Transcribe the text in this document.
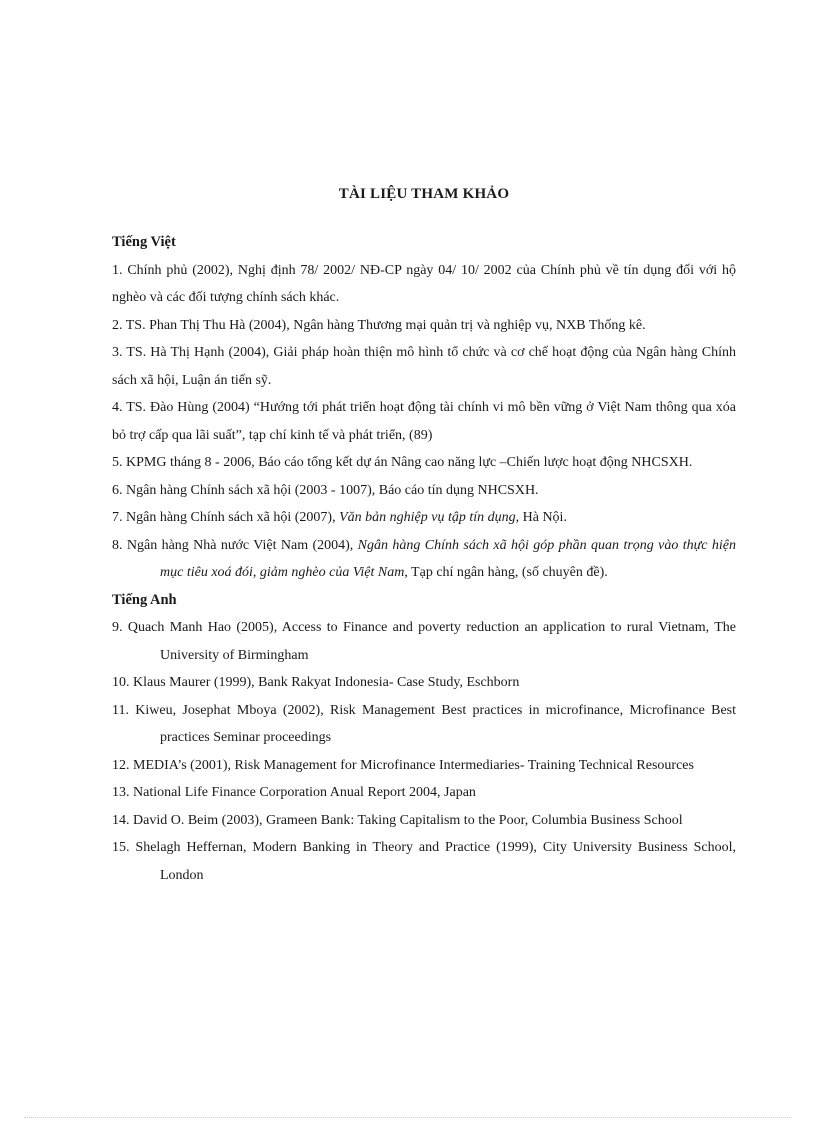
TÀI LIỆU THAM KHẢO
Tiếng Việt
1. Chính phủ (2002), Nghị định 78/ 2002/ NĐ-CP ngày 04/ 10/ 2002 của Chính phủ về tín dụng đối với hộ nghèo và các đối tượng chính sách khác.
2. TS. Phan Thị Thu Hà (2004), Ngân hàng Thương mại quản trị và nghiệp vụ, NXB Thống kê.
3. TS. Hà Thị Hạnh (2004), Giải pháp hoàn thiện mô hình tổ chức và cơ chế hoạt động của Ngân hàng Chính sách xã hội, Luận án tiến sỹ.
4. TS. Đào Hùng (2004) “Hướng tới phát triển hoạt động tài chính vi mô bền vững ở Việt Nam thông qua xóa bỏ trợ cấp qua lãi suất”, tạp chí kinh tế và phát triển, (89)
5. KPMG tháng 8 - 2006, Báo cáo tổng kết dự án Nâng cao năng lực –Chiến lược hoạt động NHCSXH.
6. Ngân hàng Chính sách xã hội (2003 - 1007), Báo cáo tín dụng NHCSXH.
7. Ngân hàng Chính sách xã hội (2007), Văn bản nghiệp vụ tập tín dụng, Hà Nội.
8. Ngân hàng Nhà nước Việt Nam (2004), Ngân hàng Chính sách xã hội góp phần quan trọng vào thực hiện mục tiêu xoá đói, giảm nghèo của Việt Nam, Tạp chí ngân hàng, (số chuyên đề).
Tiếng Anh
9. Quach Manh Hao (2005), Access to Finance and poverty reduction an application to rural Vietnam, The University of Birmingham
10. Klaus Maurer (1999), Bank Rakyat Indonesia- Case Study, Eschborn
11. Kiweu, Josephat Mboya (2002), Risk Management Best practices in microfinance, Microfinance Best practices Seminar proceedings
12. MEDIA’s (2001), Risk Management for Microfinance Intermediaries- Training Technical Resources
13. National Life Finance Corporation Anual Report 2004, Japan
14. David O. Beim (2003), Grameen Bank: Taking Capitalism to the Poor, Columbia Business School
15. Shelagh Heffernan, Modern Banking in Theory and Practice (1999), City University Business School, London
